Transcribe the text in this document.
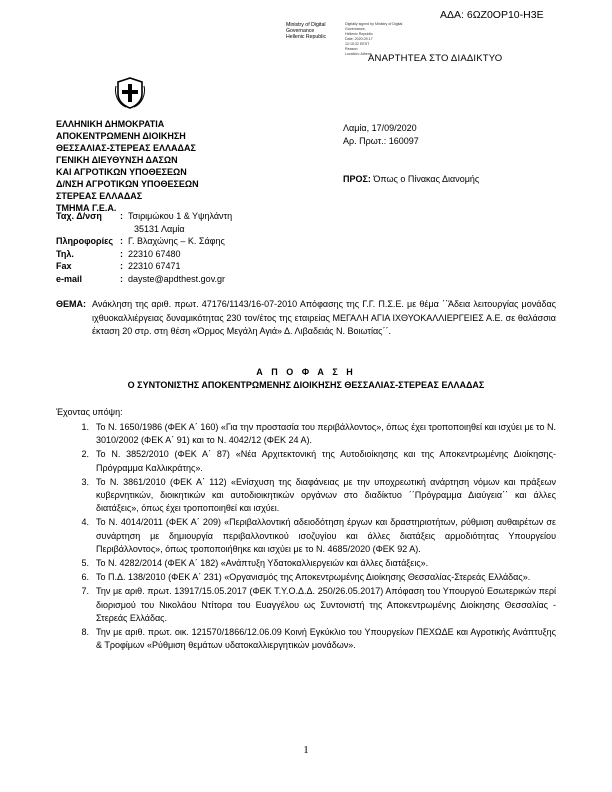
ΑΔΑ: 6ΩΖ0ΟΡ10-Η3Ε
Ministry of Digital
Governance
Hellenic Republic
Digitally signed by Ministry of Digital
Governance,
Hellenic Republic
Date: 2020.09.17
12:15:32 EEST
Reason:
Location: Athens
ΑΝΑΡΤΗΤΕΑ ΣΤΟ ΔΙΑΔΙΚΤΥΟ
ΕΛΛΗΝΙΚΗ ΔΗΜΟΚΡΑΤΙΑ
ΑΠΟΚΕΝΤΡΩΜΕΝΗ ΔΙΟΙΚΗΣΗ
ΘΕΣΣΑΛΙΑΣ-ΣΤΕΡΕΑΣ ΕΛΛΑΔΑΣ
ΓΕΝΙΚΗ ΔΙΕΥΘΥΝΣΗ ΔΑΣΩΝ
ΚΑΙ ΑΓΡΟΤΙΚΩΝ ΥΠΟΘΕΣΕΩΝ
Δ/ΝΣΗ ΑΓΡΟΤΙΚΩΝ ΥΠΟΘΕΣΕΩΝ
ΣΤΕΡΕΑΣ ΕΛΛΑΔΑΣ
ΤΜΗΜΑ Γ.Ε.Α.
Λαμία, 17/09/2020
Αρ. Πρωτ.: 160097
ΠΡΟΣ: Όπως ο Πίνακας Διανομής
Ταχ. Δ/νση	: Τσιριμώκου 1 & Υψηλάντη
35131 Λαμία
Πληροφορίες : Γ. Βλαχώνης – Κ. Σάφης
Τηλ.	: 22310 67480
Fax	: 22310 67471
e-mail	: dayste@apdthest.gov.gr
ΘΕΜΑ: Ανάκληση της αριθ. πρωτ. 47176/1143/16-07-2010 Απόφασης της Γ.Γ. Π.Σ.Ε. με θέμα ΄΄Άδεια λειτουργίας μονάδας ιχθυοκαλλιέργειας δυναμικότητας 230 τον/έτος της εταιρείας ΜΕΓΑΛΗ ΑΓΙΑ ΙΧΘΥΟΚΑΛΛΙΕΡΓΕΙΕΣ Α.Ε. σε θαλάσσια έκταση 20 στρ. στη θέση «Όρμος Μεγάλη Αγιά» Δ. Λιβαδειάς Ν. Βοιωτίας΄΄.
Α Π Ο Φ Α Σ Η
Ο ΣΥΝΤΟΝΙΣΤΗΣ ΑΠΟΚΕΝΤΡΩΜΕΝΗΣ ΔΙΟΙΚΗΣΗΣ ΘΕΣΣΑΛΙΑΣ-ΣΤΕΡΕΑΣ ΕΛΛΑΔΑΣ
Έχοντας υπόψη:
1. Το Ν. 1650/1986 (ΦΕΚ Α΄ 160) «Για την προστασία του περιβάλλοντος», όπως έχει τροποποιηθεί και ισχύει με το Ν. 3010/2002 (ΦΕΚ Α΄ 91) και το Ν. 4042/12 (ΦΕΚ 24 Α).
2. Το Ν. 3852/2010 (ΦΕΚ Α΄ 87) «Νέα Αρχιτεκτονική της Αυτοδιοίκησης και της Αποκεντρωμένης Διοίκησης-Πρόγραμμα Καλλικράτης».
3. Το Ν. 3861/2010 (ΦΕΚ Α΄ 112) «Ενίσχυση της διαφάνειας με την υποχρεωτική ανάρτηση νόμων και πράξεων κυβερνητικών, διοικητικών και αυτοδιοικητικών οργάνων στο διαδίκτυο ΄΄Πρόγραμμα Διαύγεια΄΄ και άλλες διατάξεις», όπως έχει τροποποιηθεί και ισχύει.
4. Το Ν. 4014/2011 (ΦΕΚ Α΄ 209) «Περιβαλλοντική αδειοδότηση έργων και δραστηριοτήτων, ρύθμιση αυθαιρέτων σε συνάρτηση με δημιουργία περιβαλλοντικού ισοζυγίου και άλλες διατάξεις αρμοδιότητας Υπουργείου Περιβάλλοντος», όπως τροποποιήθηκε και ισχύει με το Ν. 4685/2020 (ΦΕΚ 92 Α).
5. Το Ν. 4282/2014 (ΦΕΚ Α΄ 182) «Ανάπτυξη Υδατοκαλλιεργειών και άλλες διατάξεις».
6. Το Π.Δ. 138/2010 (ΦΕΚ Α΄ 231) «Οργανισμός της Αποκεντρωμένης Διοίκησης Θεσσαλίας-Στερεάς Ελλάδας».
7. Την με αριθ. πρωτ. 13917/15.05.2017 (ΦΕΚ Τ.Υ.Ο.Δ.Δ. 250/26.05.2017) Απόφαση του Υπουργού Εσωτερικών περί διορισμού του Νικολάου Ντίτορα του Ευαγγέλου ως Συντονιστή της Αποκεντρωμένης Διοίκησης Θεσσαλίας - Στερεάς Ελλάδας.
8. Την με αριθ. πρωτ. οικ. 121570/1866/12.06.09 Κοινή Εγκύκλιο του Υπουργείων ΠΕΧΩΔΕ και Αγροτικής Ανάπτυξης & Τροφίμων «Ρύθμιση θεμάτων υδατοκαλλιεργητικών μονάδων».
1
